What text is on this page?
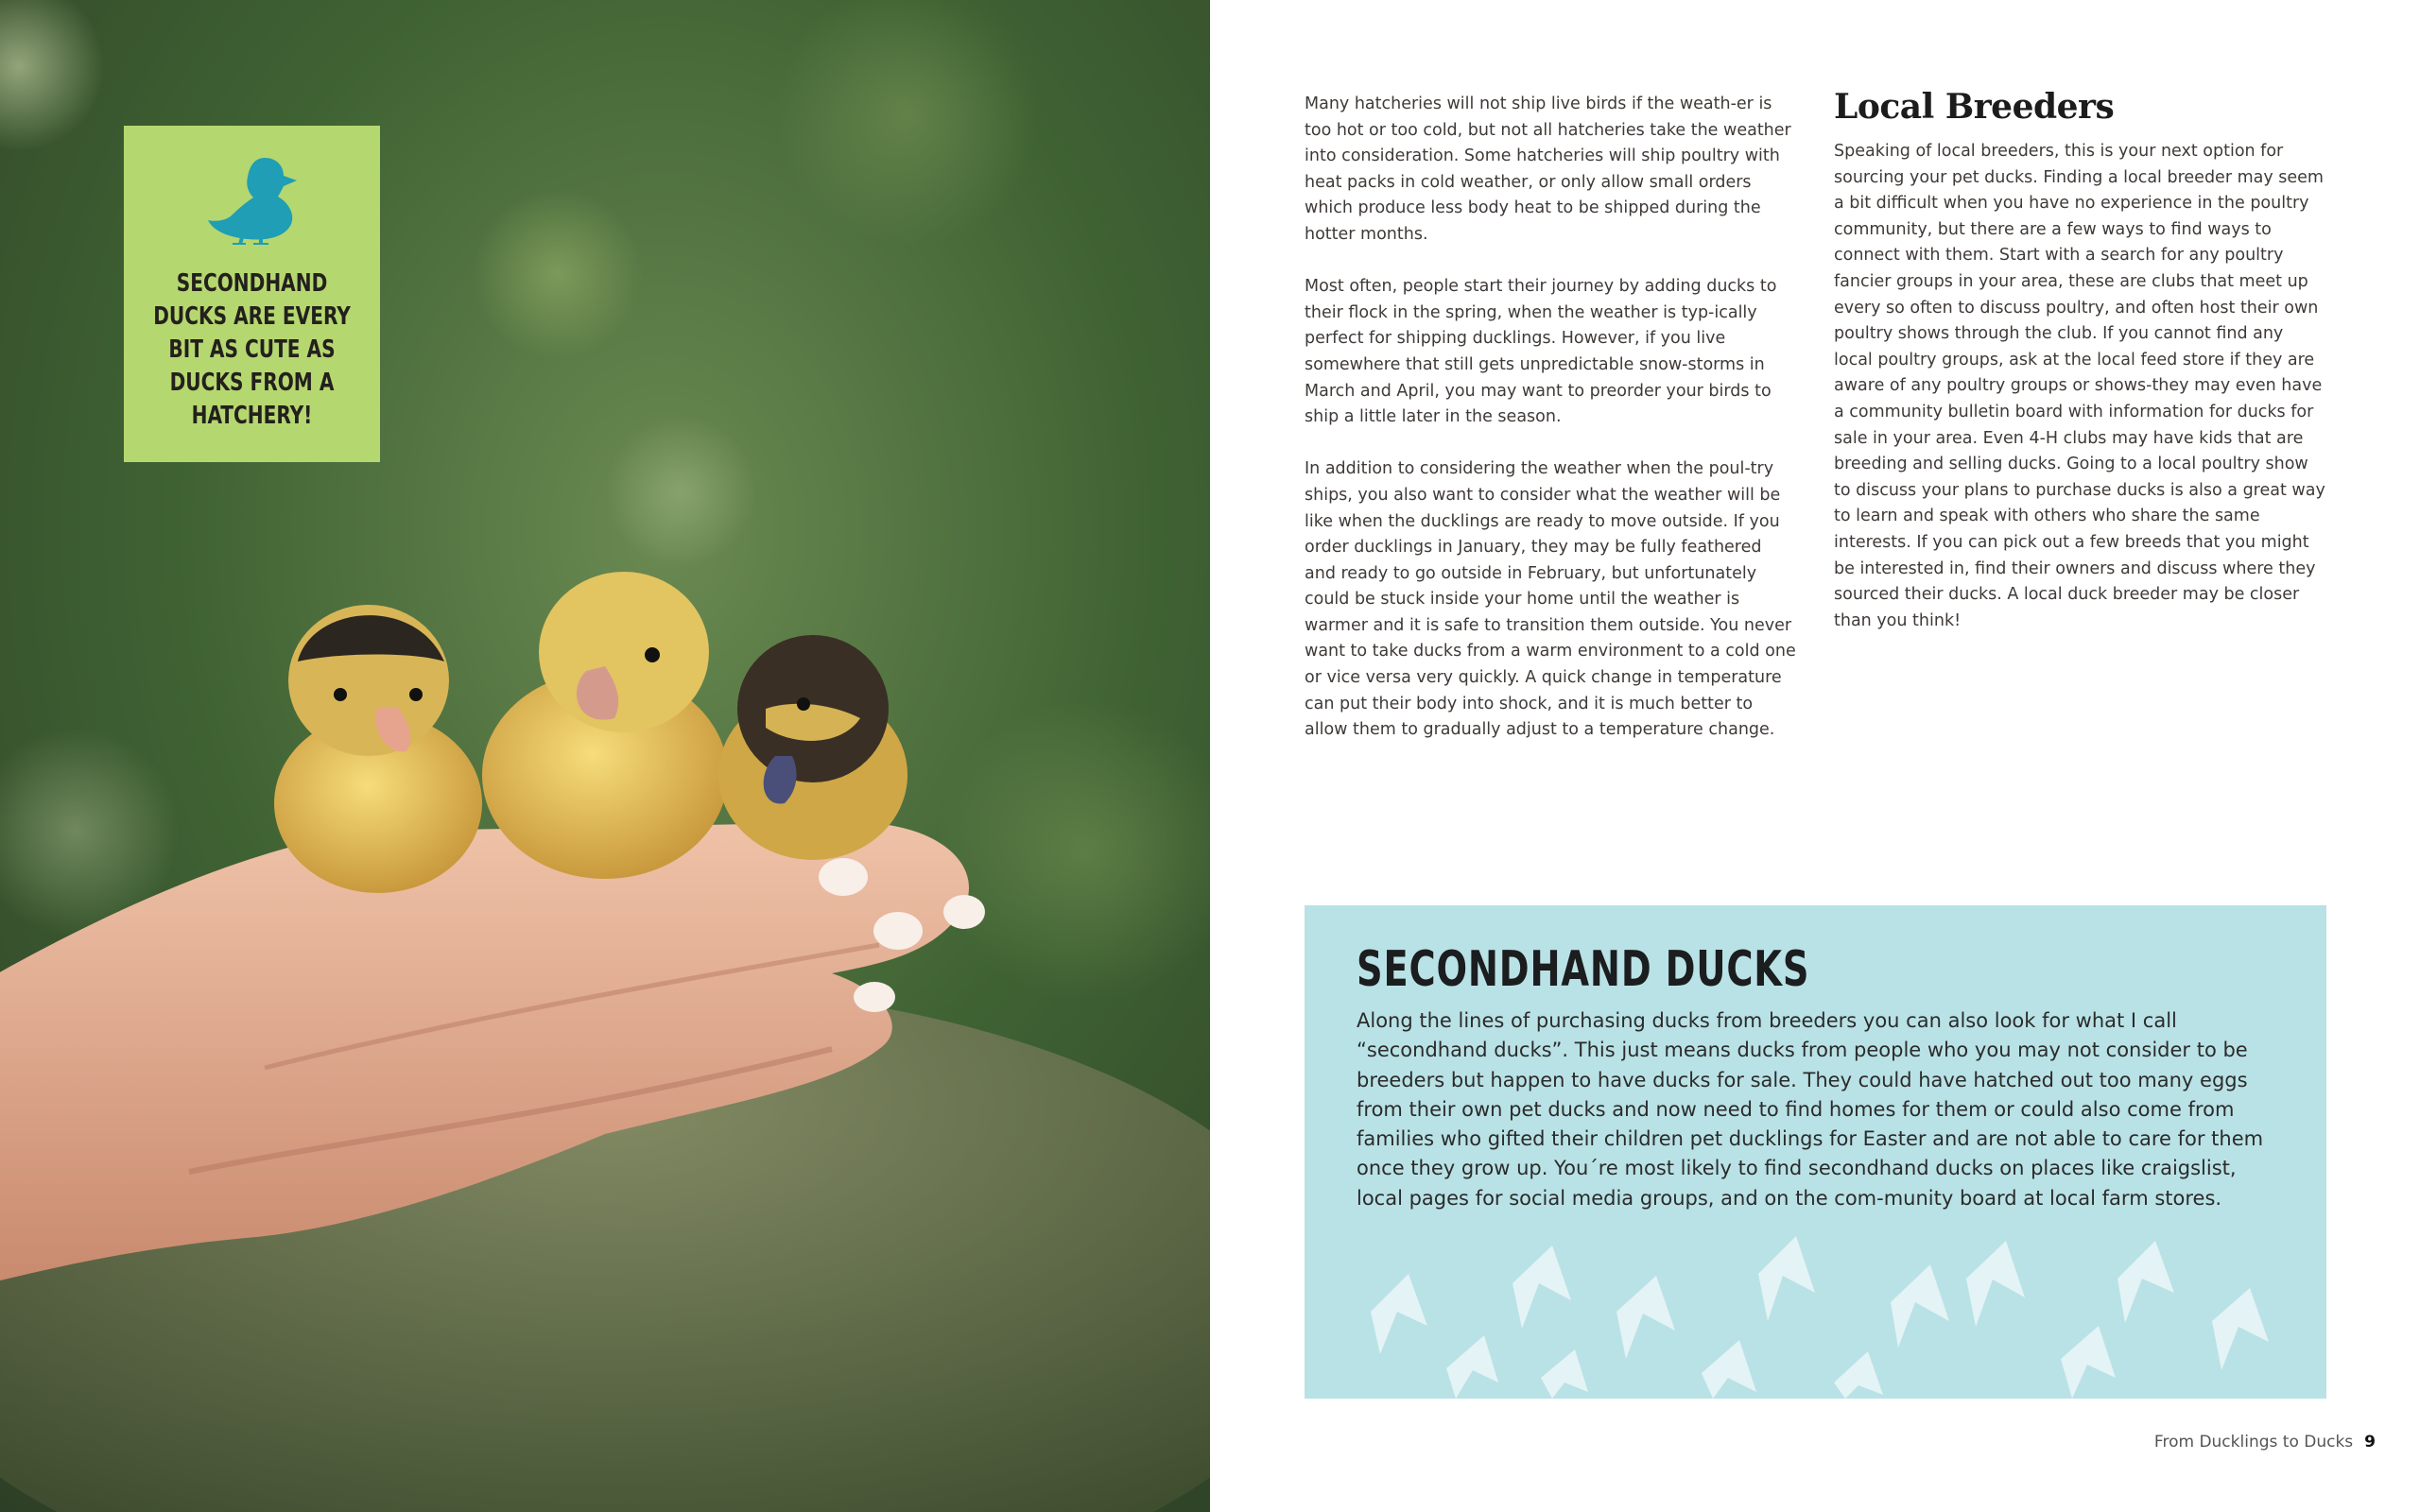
SECONDHAND DUCKS ARE EVERY BIT AS CUTE AS DUCKS FROM A HATCHERY!

Many hatcheries will not ship live birds if the weath-er is too hot or too cold, but not all hatcheries take the weather into consideration. Some hatcheries will ship poultry with heat packs in cold weather, or only allow small orders which produce less body heat to be shipped during the hotter months.

Most often, people start their journey by adding ducks to their flock in the spring, when the weather is typ-ically perfect for shipping ducklings. However, if you live somewhere that still gets unpredictable snow-storms in March and April, you may want to preorder your birds to ship a little later in the season.

In addition to considering the weather when the poul-try ships, you also want to consider what the weather will be like when the ducklings are ready to move outside. If you order ducklings in January, they may be fully feathered and ready to go outside in February, but unfortunately could be stuck inside your home until the weather is warmer and it is safe to transition them outside. You never want to take ducks from a warm environment to a cold one or vice versa very quickly. A quick change in temperature can put their body into shock, and it is much better to allow them to gradually adjust to a temperature change.

Local Breeders
Speaking of local breeders, this is your next option for sourcing your pet ducks. Finding a local breeder may seem a bit difficult when you have no experience in the poultry community, but there are a few ways to find ways to connect with them. Start with a search for any poultry fancier groups in your area, these are clubs that meet up every so often to discuss poultry, and often host their own poultry shows through the club. If you cannot find any local poultry groups, ask at the local feed store if they are aware of any poultry groups or shows-they may even have a community bulletin board with information for ducks for sale in your area. Even 4-H clubs may have kids that are breeding and selling ducks. Going to a local poultry show to discuss your plans to purchase ducks is also a great way to learn and speak with others who share the same interests. If you can pick out a few breeds that you might be interested in, find their owners and discuss where they sourced their ducks. A local duck breeder may be closer than you think!
SECONDHAND DUCKS

Along the lines of purchasing ducks from breeders you can also look for what I call “secondhand ducks”. This just means ducks from people who you may not consider to be breeders but happen to have ducks for sale. They could have hatched out too many eggs from their own pet ducks and now need to find homes for them or could also come from families who gifted their children pet ducklings for Easter and are not able to care for them once they grow up. You´re most likely to find secondhand ducks on places like craigslist, local pages for social media groups, and on the com-munity board at local farm stores.

From Ducklings to Ducks 9
